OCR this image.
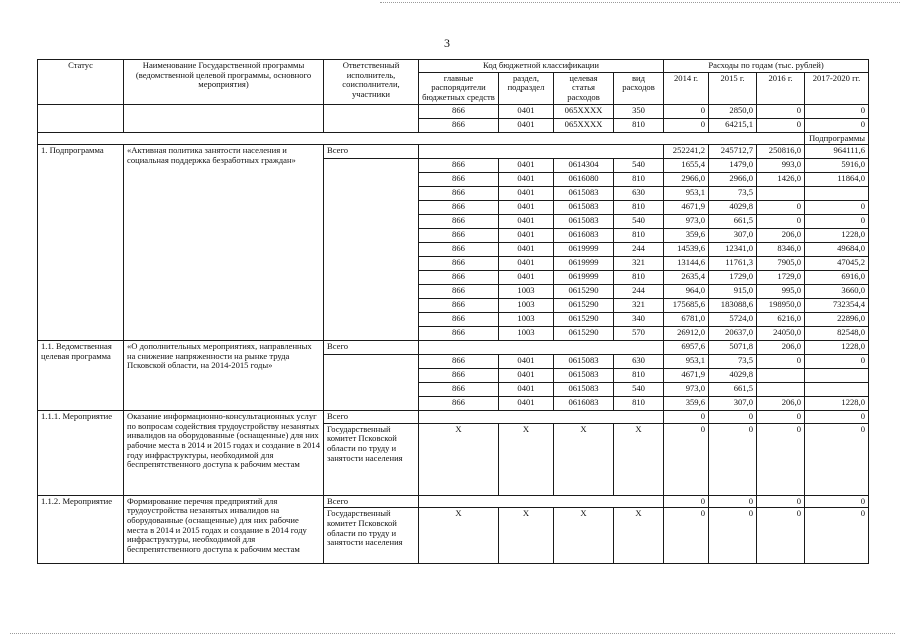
3
Статус	Наименование Государственной программы (ведомственной целевой программы, основного мероприятия)	Ответственный исполнитель, соисполнители, участники	Код бюджетной классификации				Расходы по годам (тыс. рублей)			
			главные распорядители бюджетных средств	раздел, подраздел	целевая статья расходов	вид расходов	2014 г.	2015 г.	2016 г.	2017-2020 гг.
			866	0401	065XXXX	350	0	2850,0	0	0
			866	0401	065XXXX	810	0	64215,1	0	0
										Подпрограммы
1. Подпрограмма	«Активная политика занятости населения и социальная поддержка безработных граждан»	Всего					252241,2	245712,7	250816,0	964111,6
			866	0401	0614304	540	1655,4	1479,0	993,0	5916,0
			866	0401	0616080	810	2966,0	2966,0	1426,0	11864,0
			866	0401	0615083	630	953,1	73,5		
			866	0401	0615083	810	4671,9	4029,8	0	0
			866	0401	0615083	540	973,0	661,5	0	0
			866	0401	0616083	810	359,6	307,0	206,0	1228,0
			866	0401	0619999	244	14539,6	12341,0	8346,0	49684,0
			866	0401	0619999	321	13144,6	11761,3	7905,0	47045,2
			866	0401	0619999	810	2635,4	1729,0	1729,0	6916,0
			866	1003	0615290	244	964,0	915,0	995,0	3660,0
			866	1003	0615290	321	175685,6	183088,6	198950,0	732354,4
			866	1003	0615290	340	6781,0	5724,0	6216,0	22896,0
			866	1003	0615290	570	26912,0	20637,0	24050,0	82548,0
1.1. Ведомственная целевая программа	«О дополнительных мероприятиях, направленных на снижение напряженности на рынке труда Псковской области, на 2014-2015 годы»	Всего					6957,6	5071,8	206,0	1228,0
			866	0401	0615083	630	953,1	73,5	0	0
			866	0401	0615083	810	4671,9	4029,8		
			866	0401	0615083	540	973,0	661,5		
			866	0401	0616083	810	359,6	307,0	206,0	1228,0
1.1.1. Мероприятие	Оказание информационно-консультационных услуг по вопросам содействия трудоустройству незанятых инвалидов на оборудованные (оснащенные) для них рабочие места в 2014 и 2015 годах и создание в 2014 году инфраструктуры, необходимой для беспрепятственного доступа к рабочим местам	Всего					0	0	0	0
		Государственный комитет Псковской области по труду и занятости населения	X	X	X	X	0	0	0	0
1.1.2. Мероприятие	Формирование перечня предприятий для трудоустройства незанятых инвалидов на оборудованные (оснащенные) для них рабочие места в 2014 и 2015 годах и создание в 2014 году инфраструктуры, необходимой для беспрепятственного доступа к рабочим местам	Всего					0	0	0	0
		Государственный комитет Псковской области по труду и занятости населения	X	X	X	X	0	0	0	0
